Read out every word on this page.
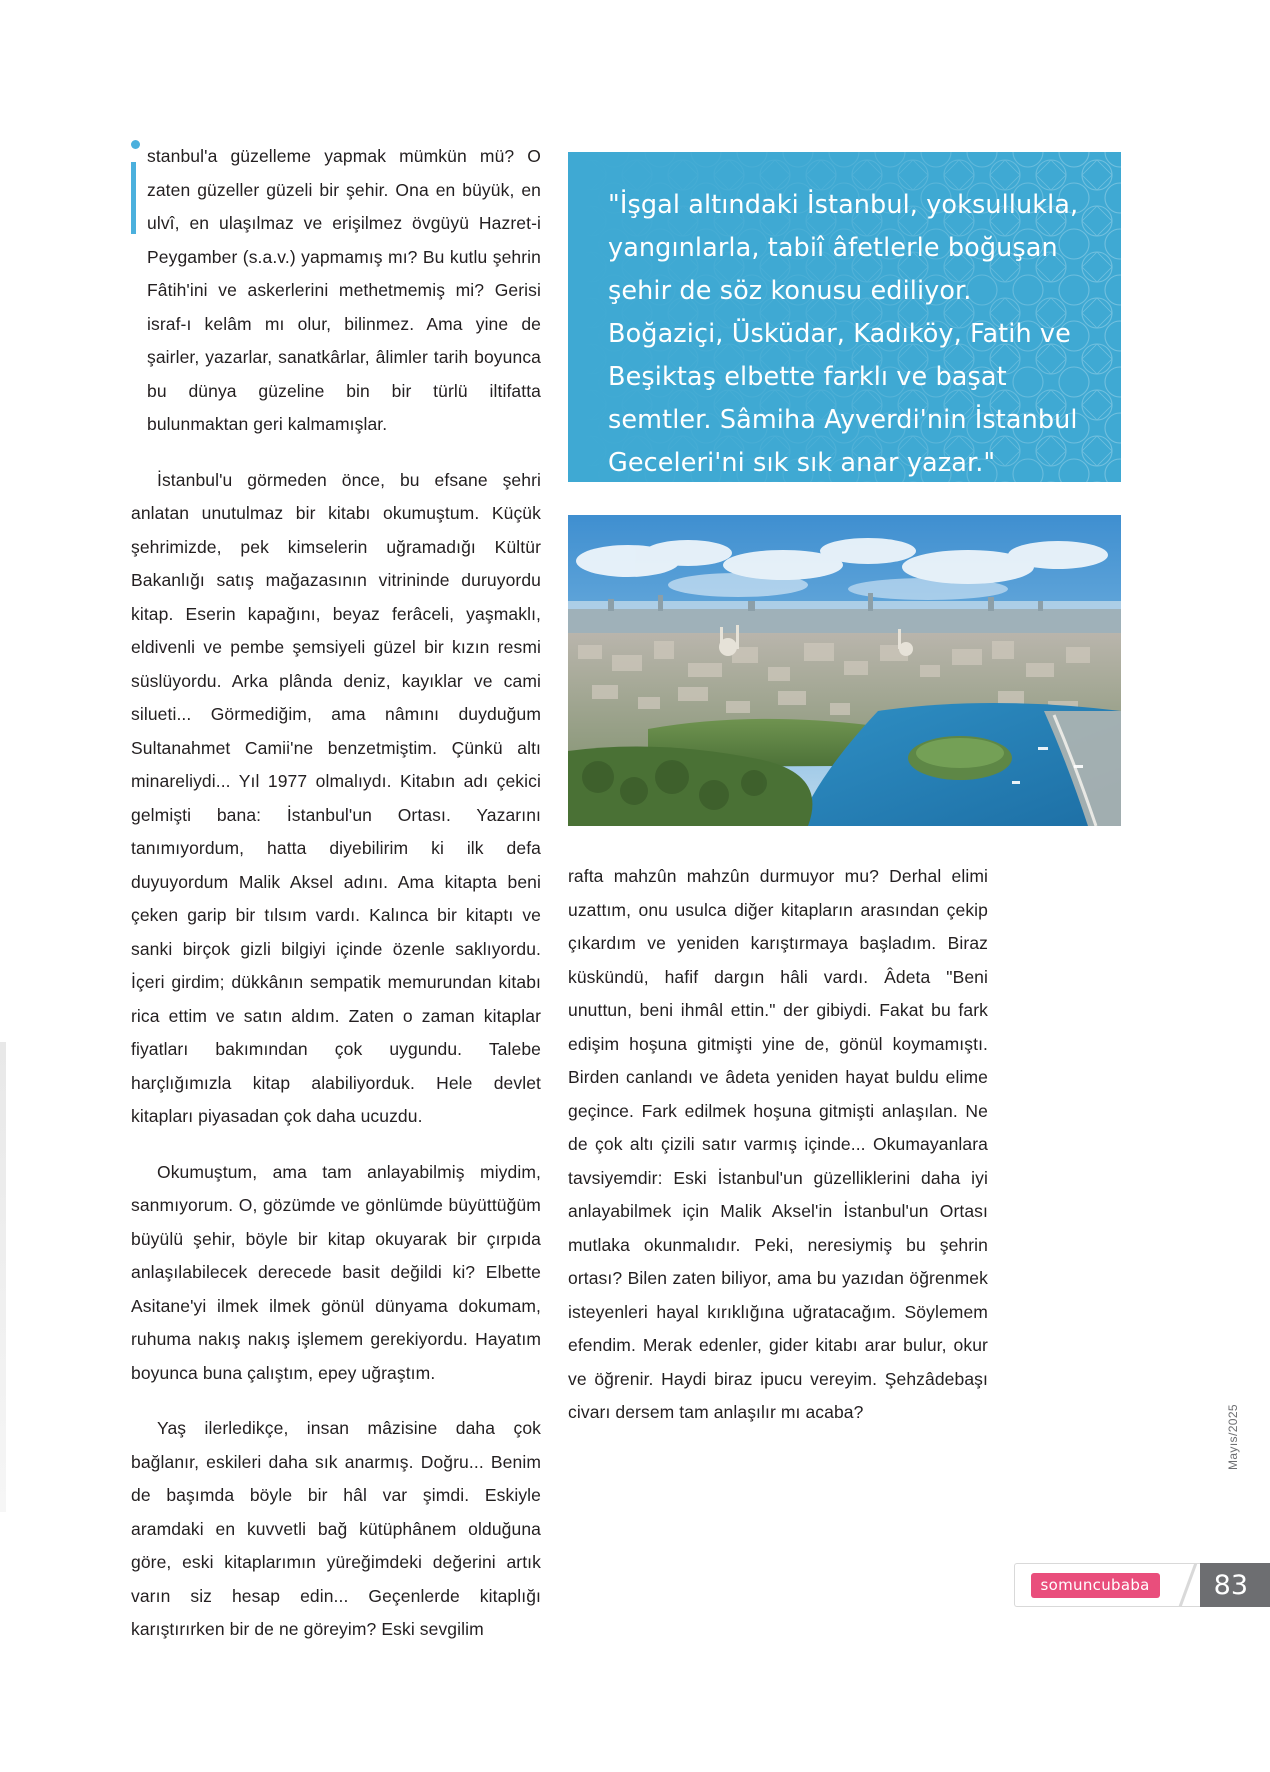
stanbul'a güzelleme yapmak mümkün mü? O zaten güzeller güzeli bir şehir. Ona en büyük, en ulvî, en ulaşılmaz ve erişilmez övgüyü Hazret-i Peygamber (s.a.v.) yapmamış mı? Bu kutlu şehrin Fâtih'ini ve askerlerini methetmemiş mi? Gerisi israf-ı kelâm mı olur, bilinmez. Ama yine de şairler, yazarlar, sanatkârlar, âlimler tarih boyunca bu dünya güzeline bin bir türlü iltifatta bulunmaktan geri kalmamışlar.

İstanbul'u görmeden önce, bu efsane şehri anlatan unutulmaz bir kitabı okumuştum. Küçük şehrimizde, pek kimselerin uğramadığı Kültür Bakanlığı satış mağazasının vitrininde duruyordu kitap. Eserin kapağını, beyaz ferâceli, yaşmaklı, eldivenli ve pembe şemsiyeli güzel bir kızın resmi süslüyordu. Arka plânda deniz, kayıklar ve cami silueti... Görmediğim, ama nâmını duyduğum Sultanahmet Camii'ne benzetmiştim. Çünkü altı minareliydi... Yıl 1977 olmalıydı. Kitabın adı çekici gelmişti bana: İstanbul'un Ortası. Yazarını tanımıyordum, hatta diyebilirim ki ilk defa duyuyordum Malik Aksel adını. Ama kitapta beni çeken garip bir tılsım vardı. Kalınca bir kitaptı ve sanki birçok gizli bilgiyi içinde özenle saklıyordu. İçeri girdim; dükkânın sempatik memurundan kitabı rica ettim ve satın aldım. Zaten o zaman kitaplar fiyatları bakımından çok uygundu. Talebe harçlığımızla kitap alabiliyorduk. Hele devlet kitapları piyasadan çok daha ucuzdu.

Okumuştum, ama tam anlayabilmiş miydim, sanmıyorum. O, gözümde ve gönlümde büyüttüğüm büyülü şehir, böyle bir kitap okuyarak bir çırpıda anlaşılabilecek derecede basit değildi ki? Elbette Asitane'yi ilmek ilmek gönül dünyama dokumam, ruhuma nakış nakış işlemem gerekiyordu. Hayatım boyunca buna çalıştım, epey uğraştım.

Yaş ilerledikçe, insan mâzisine daha çok bağlanır, eskileri daha sık anarmış. Doğru... Benim de başımda böyle bir hâl var şimdi. Eskiyle aramdaki en kuvvetli bağ kütüphânem olduğuna göre, eski kitaplarımın yüreğimdeki değerini artık varın siz hesap edin... Geçenlerde kitaplığı karıştırırken bir de ne göreyim? Eski sevgilim

"İşgal altındaki İstanbul, yoksullukla, yangınlarla, tabiî âfetlerle boğuşan şehir de söz konusu ediliyor. Boğaziçi, Üsküdar, Kadıköy, Fatih ve Beşiktaş elbette farklı ve başat semtler. Sâmiha Ayverdi'nin İstanbul Geceleri'ni sık sık anar yazar."

rafta mahzûn mahzûn durmuyor mu? Derhal elimi uzattım, onu usulca diğer kitapların arasından çekip çıkardım ve yeniden karıştırmaya başladım. Biraz küskündü, hafif dargın hâli vardı. Âdeta "Beni unuttun, beni ihmâl ettin." der gibiydi. Fakat bu fark edişim hoşuna gitmişti yine de, gönül koymamıştı. Birden canlandı ve âdeta yeniden hayat buldu elime geçince. Fark edilmek hoşuna gitmişti anlaşılan. Ne de çok altı çizili satır varmış içinde... Okumayanlara tavsiyemdir: Eski İstanbul'un güzelliklerini daha iyi anlayabilmek için Malik Aksel'in İstanbul'un Ortası mutlaka okunmalıdır. Peki, neresiymiş bu şehrin ortası? Bilen zaten biliyor, ama bu yazıdan öğrenmek isteyenleri hayal kırıklığına uğratacağım. Söylemem efendim. Merak edenler, gider kitabı arar bulur, okur ve öğrenir. Haydi biraz ipucu vereyim. Şehzâdebaşı civarı dersem tam anlaşılır mı acaba?	Mayıs/2025
somuncubaba	83
